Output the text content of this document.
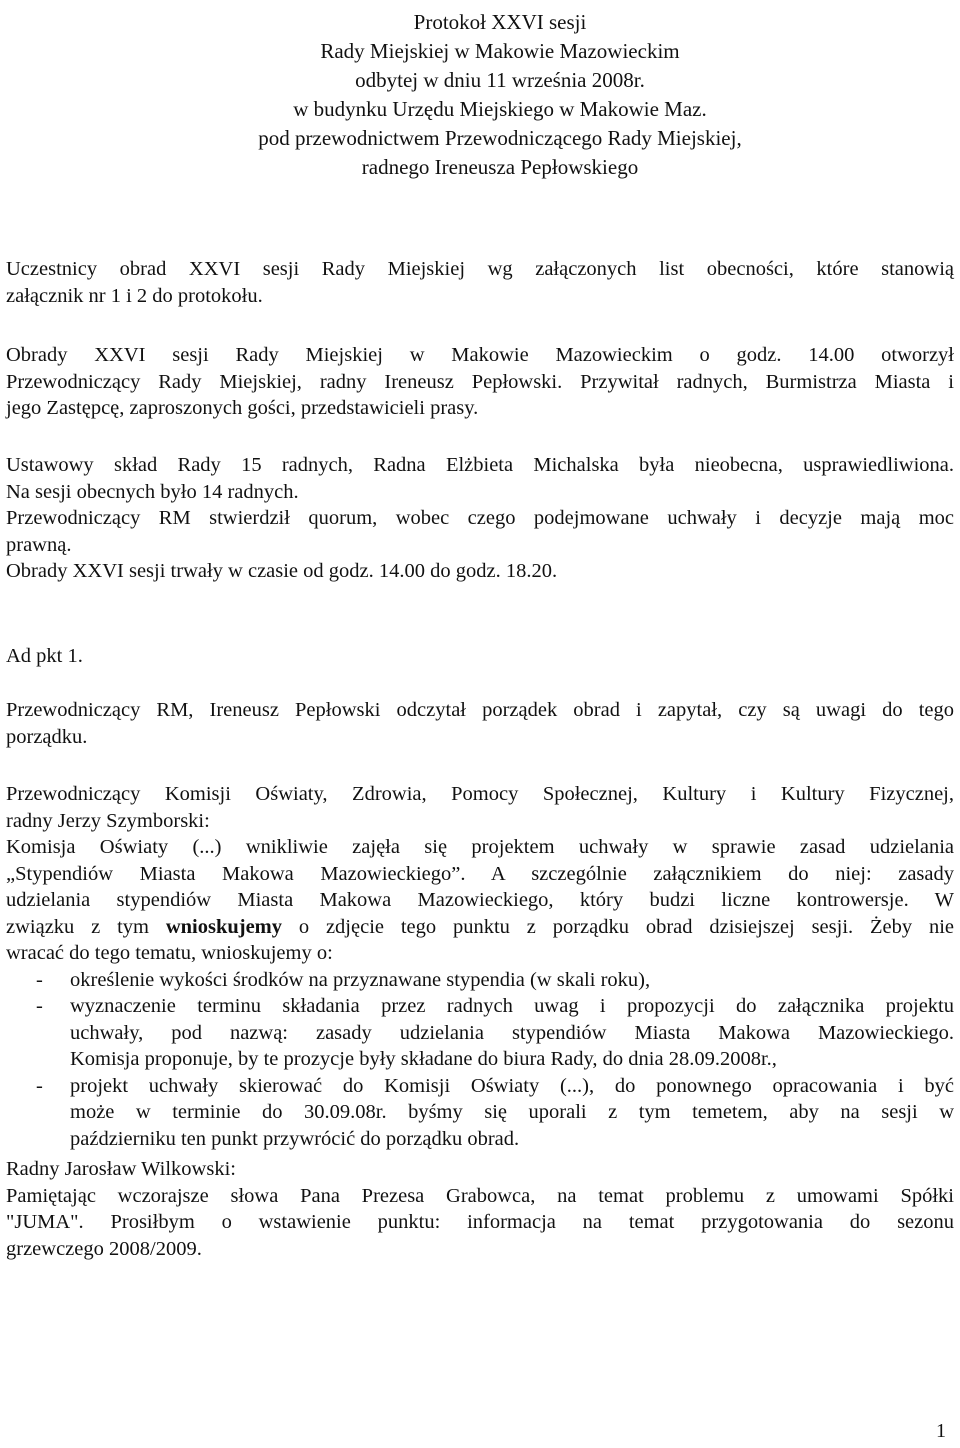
Protokoł XXVI sesji
Rady Miejskiej w Makowie Mazowieckim
odbytej w dniu 11 września 2008r.
w budynku Urzędu Miejskiego w Makowie Maz.
pod przewodnictwem Przewodniczącego Rady Miejskiej,
radnego Ireneusza Pepłowskiego
Uczestnicy obrad XXVI sesji Rady Miejskiej wg załączonych list obecności, które stanowią
załącznik nr 1 i 2 do protokołu.
Obrady XXVI sesji Rady Miejskiej w Makowie Mazowieckim o godz. 14.00 otworzył
Przewodniczący Rady Miejskiej, radny Ireneusz Pepłowski. Przywitał radnych, Burmistrza Miasta i
jego Zastępcę, zaproszonych gości, przedstawicieli prasy.
Ustawowy skład Rady 15 radnych, Radna Elżbieta Michalska była nieobecna, usprawiedliwiona.
Na sesji obecnych było 14 radnych.
Przewodniczący RM stwierdził quorum, wobec czego podejmowane uchwały i decyzje mają moc
prawną.
Obrady XXVI sesji trwały w czasie od godz. 14.00 do godz. 18.20.
Ad pkt 1.
Przewodniczący RM, Ireneusz Pepłowski odczytał porządek obrad i zapytał, czy są uwagi do tego
porządku.
Przewodniczący Komisji Oświaty, Zdrowia, Pomocy Społecznej, Kultury i Kultury Fizycznej,
radny Jerzy Szymborski:
Komisja Oświaty (...) wnikliwie zajęła się projektem uchwały w sprawie zasad udzielania
„Stypendiów Miasta Makowa Mazowieckiego”. A szczególnie załącznikiem do niej: zasady
udzielania stypendiów Miasta Makowa Mazowieckiego, który budzi liczne kontrowersje. W
związku z tym wnioskujemy o zdjęcie tego punktu z porządku obrad dzisiejszej sesji. Żeby nie
wracać do tego tematu, wnioskujemy o:
- określenie wykości środków na przyznawane stypendia (w skali roku),
- wyznaczenie terminu składania przez radnych uwag i propozycji do załącznika projektu
uchwały, pod nazwą: zasady udzielania stypendiów Miasta Makowa Mazowieckiego.
Komisja proponuje, by te prozycje były składane do biura Rady, do dnia 28.09.2008r.,
- projekt uchwały skierować do Komisji Oświaty (...), do ponownego opracowania i być
może w terminie do 30.09.08r. byśmy się uporali z tym temetem, aby na sesji w
październiku ten punkt przywrócić do porządku obrad.
Radny Jarosław Wilkowski:
Pamiętając wczorajsze słowa Pana Prezesa Grabowca, na temat problemu z umowami Spółki
"JUMA". Prosiłbym o wstawienie punktu: informacja na temat przygotowania do sezonu
grzewczego 2008/2009.
1
